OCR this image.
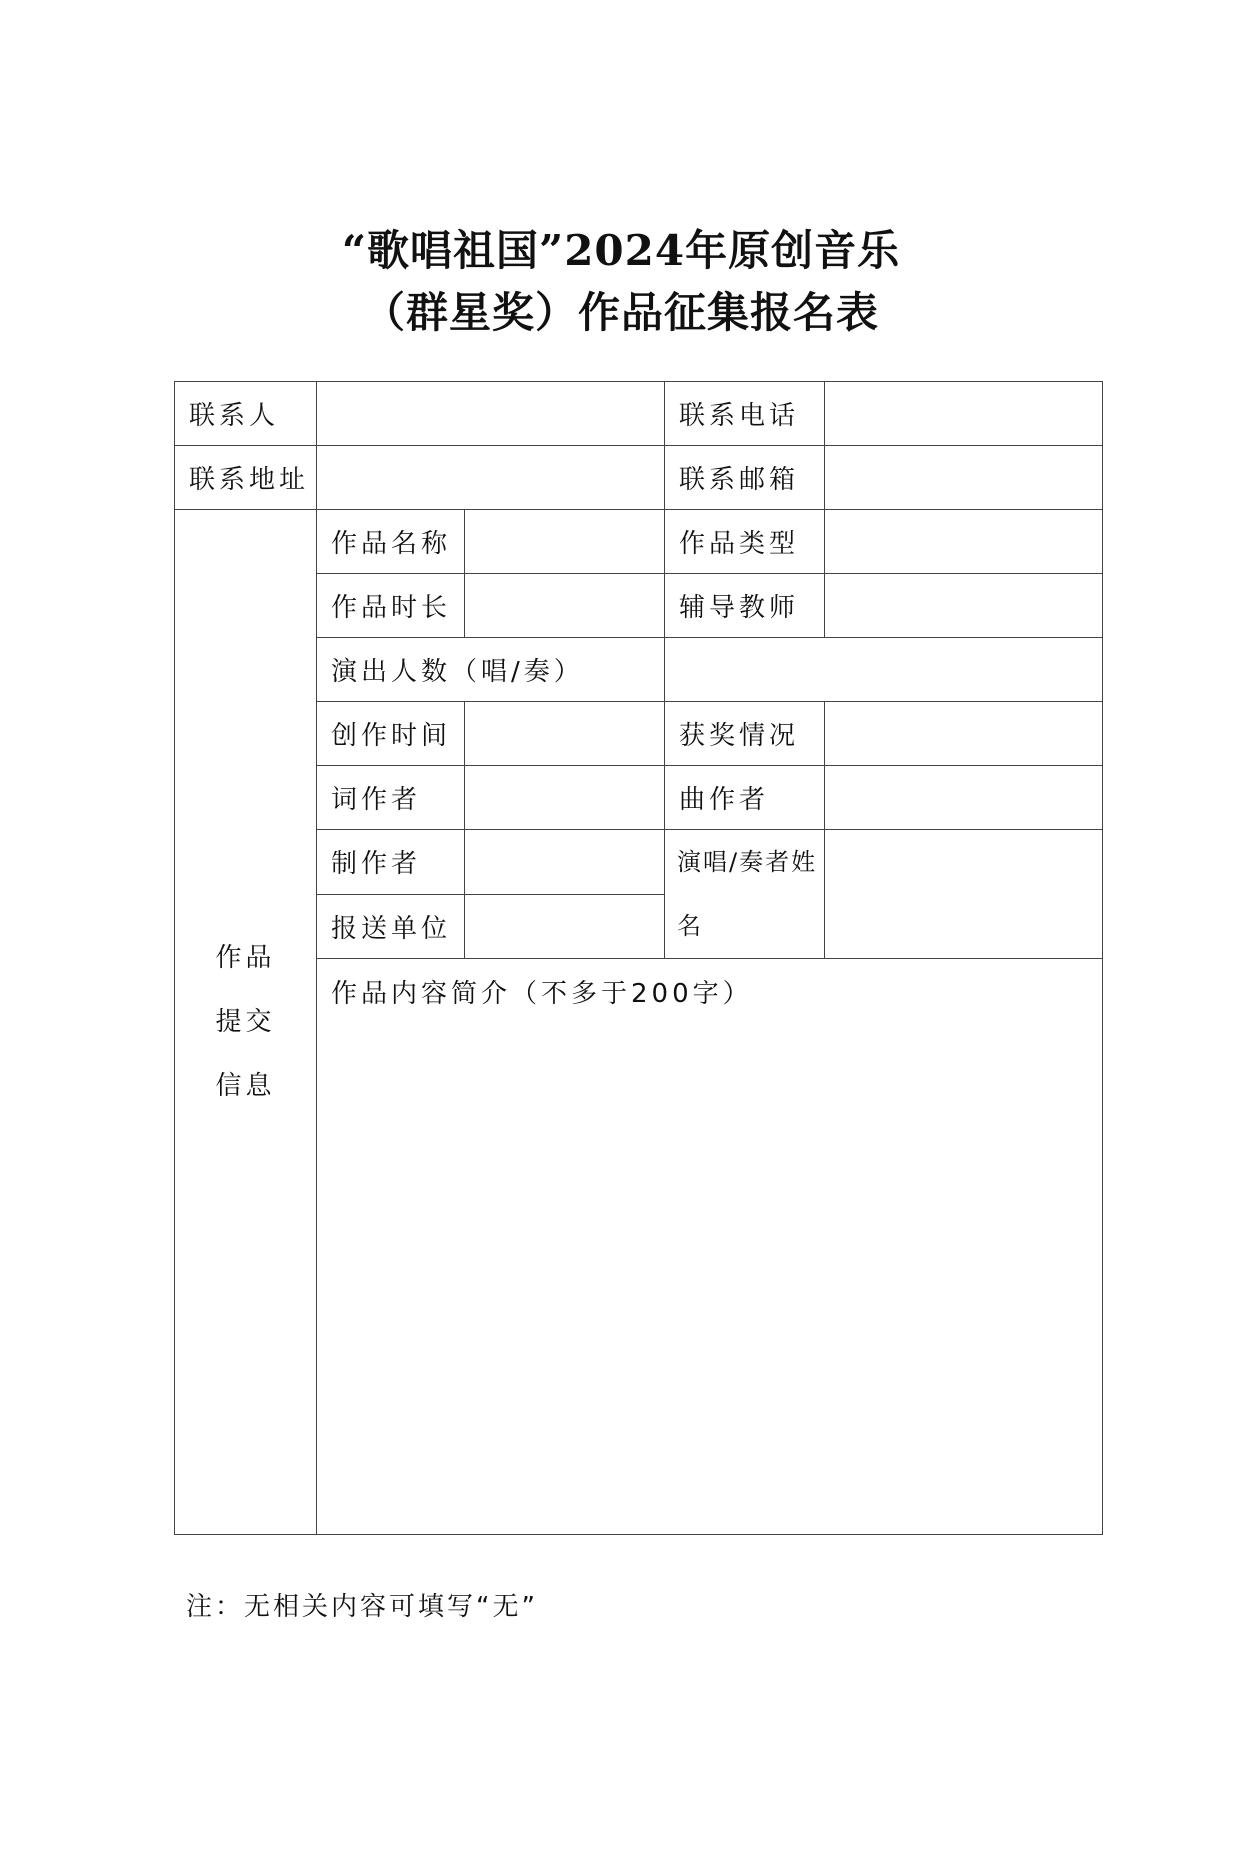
“歌唱祖国”2024年原创音乐
（群星奖）作品征集报名表
联系人			联系电话	
联系地址			联系邮箱	

作品
提交
信息	作品名称		作品类型	
	作品时长		辅导教师	
	演出人数（唱/奏）			
	创作时间		获奖情况	
	词作者		曲作者	
	制作者		演唱/奏者姓名	
	报送单位			
	作品内容简介（不多于200字）			
注：无相关内容可填写“无”
